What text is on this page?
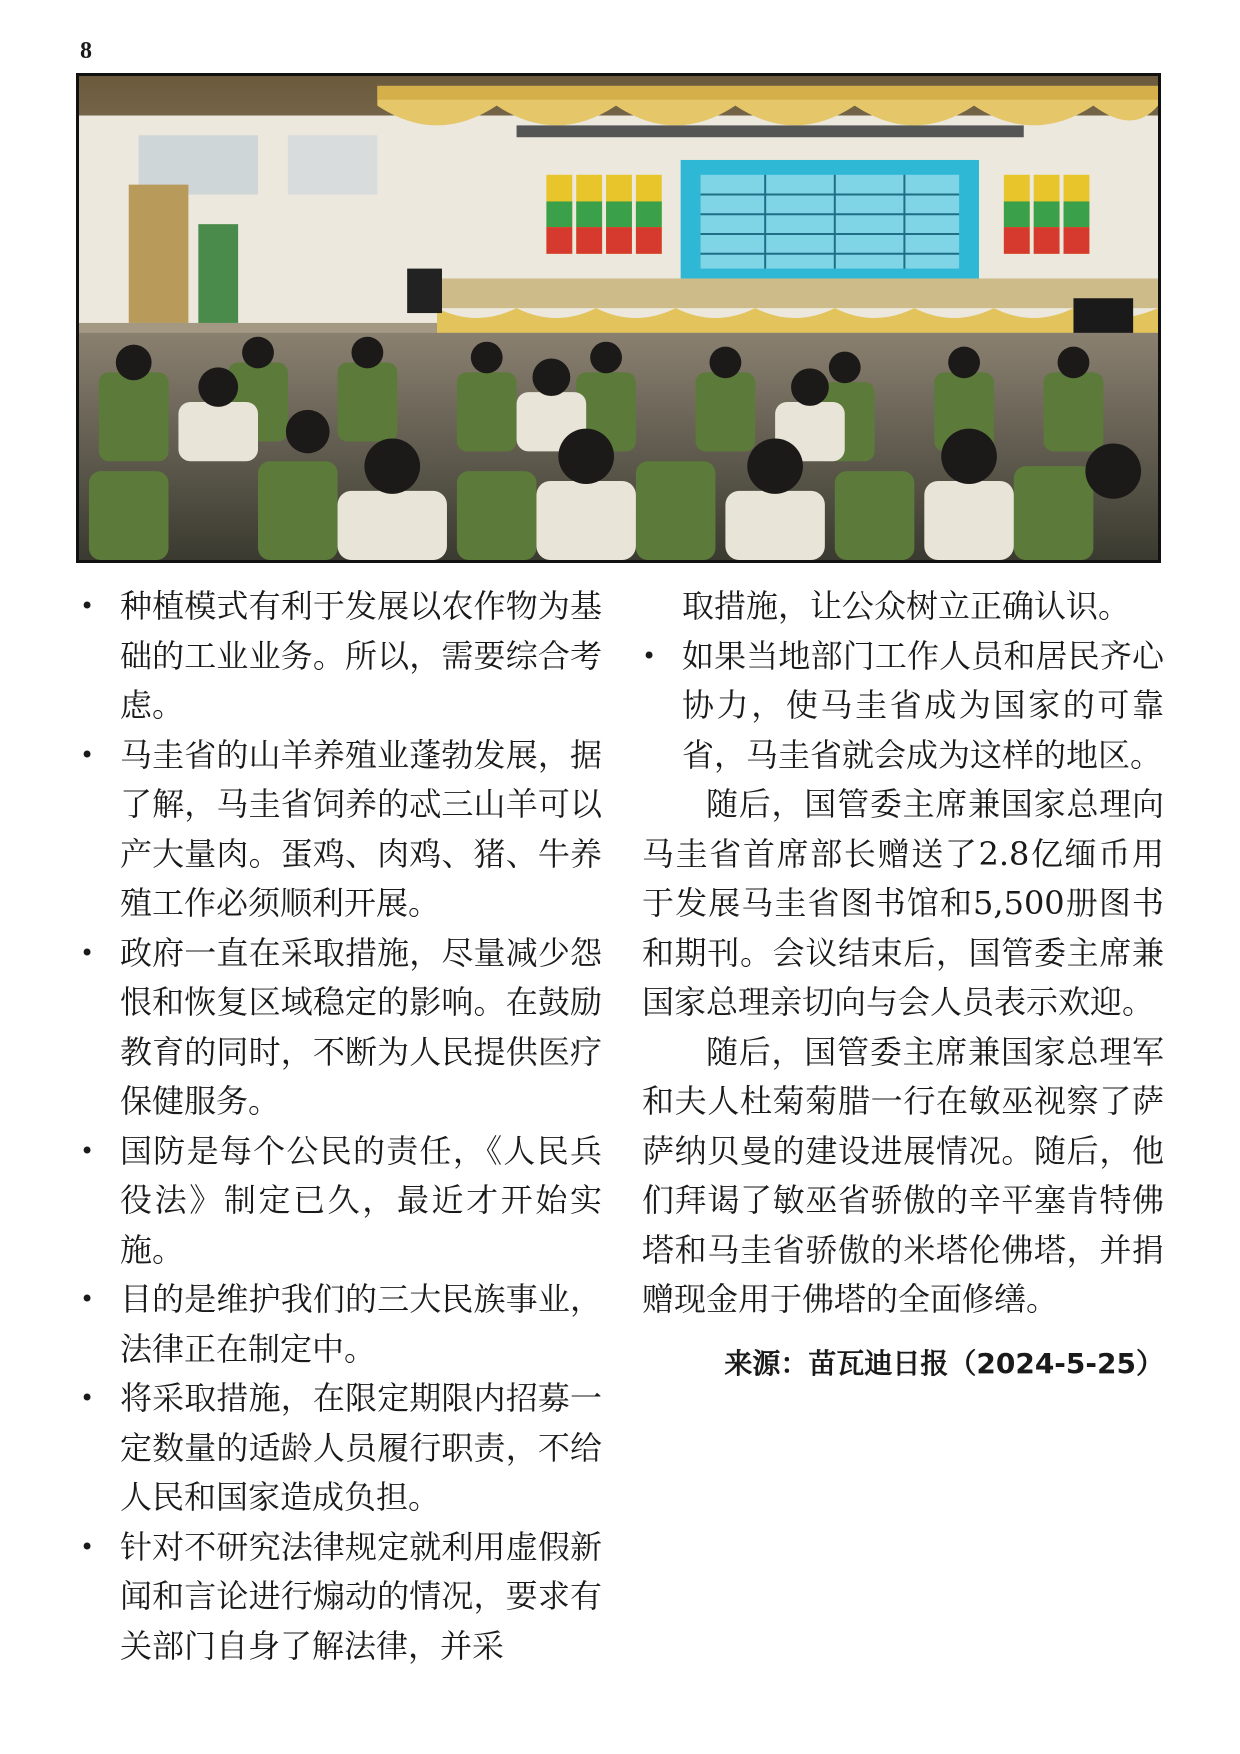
8
• 种植模式有利于发展以农作物为基础的工业业务。所以，需要综合考虑。
• 马圭省的山羊养殖业蓬勃发展，据了解，马圭省饲养的忒三山羊可以产大量肉。蛋鸡、肉鸡、猪、牛养殖工作必须顺利开展。
• 政府一直在采取措施，尽量减少怨恨和恢复区域稳定的影响。在鼓励教育的同时，不断为人民提供医疗保健服务。
• 国防是每个公民的责任，《人民兵役法》制定已久，最近才开始实施。
• 目的是维护我们的三大民族事业，法律正在制定中。
• 将采取措施，在限定期限内招募一定数量的适龄人员履行职责，不给人民和国家造成负担。
• 针对不研究法律规定就利用虚假新闻和言论进行煽动的情况，要求有关部门自身了解法律，并采
取措施，让公众树立正确认识。
• 如果当地部门工作人员和居民齐心协力，使马圭省成为国家的可靠省，马圭省就会成为这样的地区。

随后，国管委主席兼国家总理向马圭省首席部长赠送了2.8亿缅币用于发展马圭省图书馆和5,500册图书和期刊。会议结束后，国管委主席兼国家总理亲切向与会人员表示欢迎。

随后，国管委主席兼国家总理军和夫人杜菊菊腊一行在敏巫视察了萨萨纳贝曼的建设进展情况。随后，他们拜谒了敏巫省骄傲的辛平塞肯特佛塔和马圭省骄傲的米塔伦佛塔，并捐赠现金用于佛塔的全面修缮。

来源：苗瓦迪日报（2024-5-25）
